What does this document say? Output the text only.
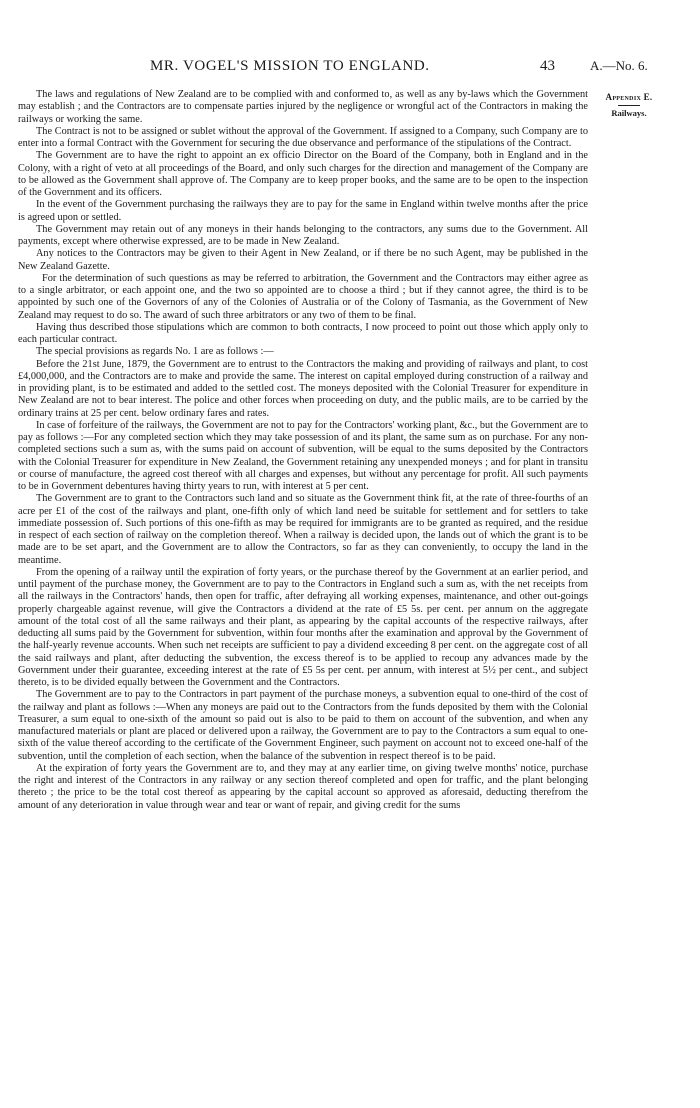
MR. VOGEL'S MISSION TO ENGLAND.	43	A.—No. 6.
Appendix E.
Railways.

The laws and regulations of New Zealand are to be complied with and conformed to, as well as any by-laws which the Government may establish ; and the Contractors are to compensate parties injured by the negligence or wrongful act of the Contractors in making the railways or working the same.

The Contract is not to be assigned or sublet without the approval of the Government. If assigned to a Company, such Company are to enter into a formal Contract with the Government for securing the due observance and performance of the stipulations of the Contract.

The Government are to have the right to appoint an ex officio Director on the Board of the Company, both in England and in the Colony, with a right of veto at all proceedings of the Board, and only such charges for the direction and management of the Company are to be allowed as the Government shall approve of. The Company are to keep proper books, and the same are to be open to the inspection of the Government and its officers.

In the event of the Government purchasing the railways they are to pay for the same in England within twelve months after the price is agreed upon or settled.

The Government may retain out of any moneys in their hands belonging to the contractors, any sums due to the Government. All payments, except where otherwise expressed, are to be made in New Zealand.

Any notices to the Contractors may be given to their Agent in New Zealand, or if there be no such Agent, may be published in the New Zealand Gazette.

For the determination of such questions as may be referred to arbitration, the Government and the Contractors may either agree as to a single arbitrator, or each appoint one, and the two so appointed are to choose a third ; but if they cannot agree, the third is to be appointed by such one of the Governors of any of the Colonies of Australia or of the Colony of Tasmania, as the Government of New Zealand may request to do so. The award of such three arbitrators or any two of them to be final.

Having thus described those stipulations which are common to both contracts, I now proceed to point out those which apply only to each particular contract.

The special provisions as regards No. 1 are as follows :—

Before the 21st June, 1879, the Government are to entrust to the Contractors the making and providing of railways and plant, to cost £4,000,000, and the Contractors are to make and provide the same. The interest on capital employed during construction of a railway and in providing plant, is to be estimated and added to the settled cost. The moneys deposited with the Colonial Treasurer for expenditure in New Zealand are not to bear interest. The police and other forces when proceeding on duty, and the public mails, are to be carried by the ordinary trains at 25 per cent. below ordinary fares and rates.

In case of forfeiture of the railways, the Government are not to pay for the Contractors' working plant, &c., but the Government are to pay as follows :—For any completed section which they may take possession of and its plant, the same sum as on purchase. For any non-completed sections such a sum as, with the sums paid on account of subvention, will be equal to the sums deposited by the Contractors with the Colonial Treasurer for expenditure in New Zealand, the Government retaining any unexpended moneys ; and for plant in transitu or course of manufacture, the agreed cost thereof with all charges and expenses, but without any percentage for profit. All such payments to be in Government debentures having thirty years to run, with interest at 5 per cent.

The Government are to grant to the Contractors such land and so situate as the Government think fit, at the rate of three-fourths of an acre per £1 of the cost of the railways and plant, one-fifth only of which land need be suitable for settlement and for settlers to take immediate possession of. Such portions of this one-fifth as may be required for immigrants are to be granted as required, and the residue in respect of each section of railway on the completion thereof. When a railway is decided upon, the lands out of which the grant is to be made are to be set apart, and the Government are to allow the Contractors, so far as they can conveniently, to occupy the land in the meantime.

From the opening of a railway until the expiration of forty years, or the purchase thereof by the Government at an earlier period, and until payment of the purchase money, the Government are to pay to the Contractors in England such a sum as, with the net receipts from all the railways in the Contractors' hands, then open for traffic, after defraying all working expenses, maintenance, and other out-goings properly chargeable against revenue, will give the Contractors a dividend at the rate of £5 5s. per cent. per annum on the aggregate amount of the total cost of all the same railways and their plant, as appearing by the capital accounts of the respective railways, after deducting all sums paid by the Government for subvention, within four months after the examination and approval by the Government of the half-yearly revenue accounts. When such net receipts are sufficient to pay a dividend exceeding 8 per cent. on the aggregate cost of all the said railways and plant, after deducting the subvention, the excess thereof is to be applied to recoup any advances made by the Government under their guarantee, exceeding interest at the rate of £5 5s per cent. per annum, with interest at 5½ per cent., and subject thereto, is to be divided equally between the Government and the Contractors.

The Government are to pay to the Contractors in part payment of the purchase moneys, a subvention equal to one-third of the cost of the railway and plant as follows :—When any moneys are paid out to the Contractors from the funds deposited by them with the Colonial Treasurer, a sum equal to one-sixth of the amount so paid out is also to be paid to them on account of the subvention, and when any manufactured materials or plant are placed or delivered upon a railway, the Government are to pay to the Contractors a sum equal to one-sixth of the value thereof according to the certificate of the Government Engineer, such payment on account not to exceed one-half of the subvention, until the completion of each section, when the balance of the subvention in respect thereof is to be paid.

At the expiration of forty years the Government are to, and they may at any earlier time, on giving twelve months' notice, purchase the right and interest of the Contractors in any railway or any section thereof completed and open for traffic, and the plant belonging thereto ; the price to be the total cost thereof as appearing by the capital account so approved as aforesaid, deducting therefrom the amount of any deterioration in value through wear and tear or want of repair, and giving credit for the sums
